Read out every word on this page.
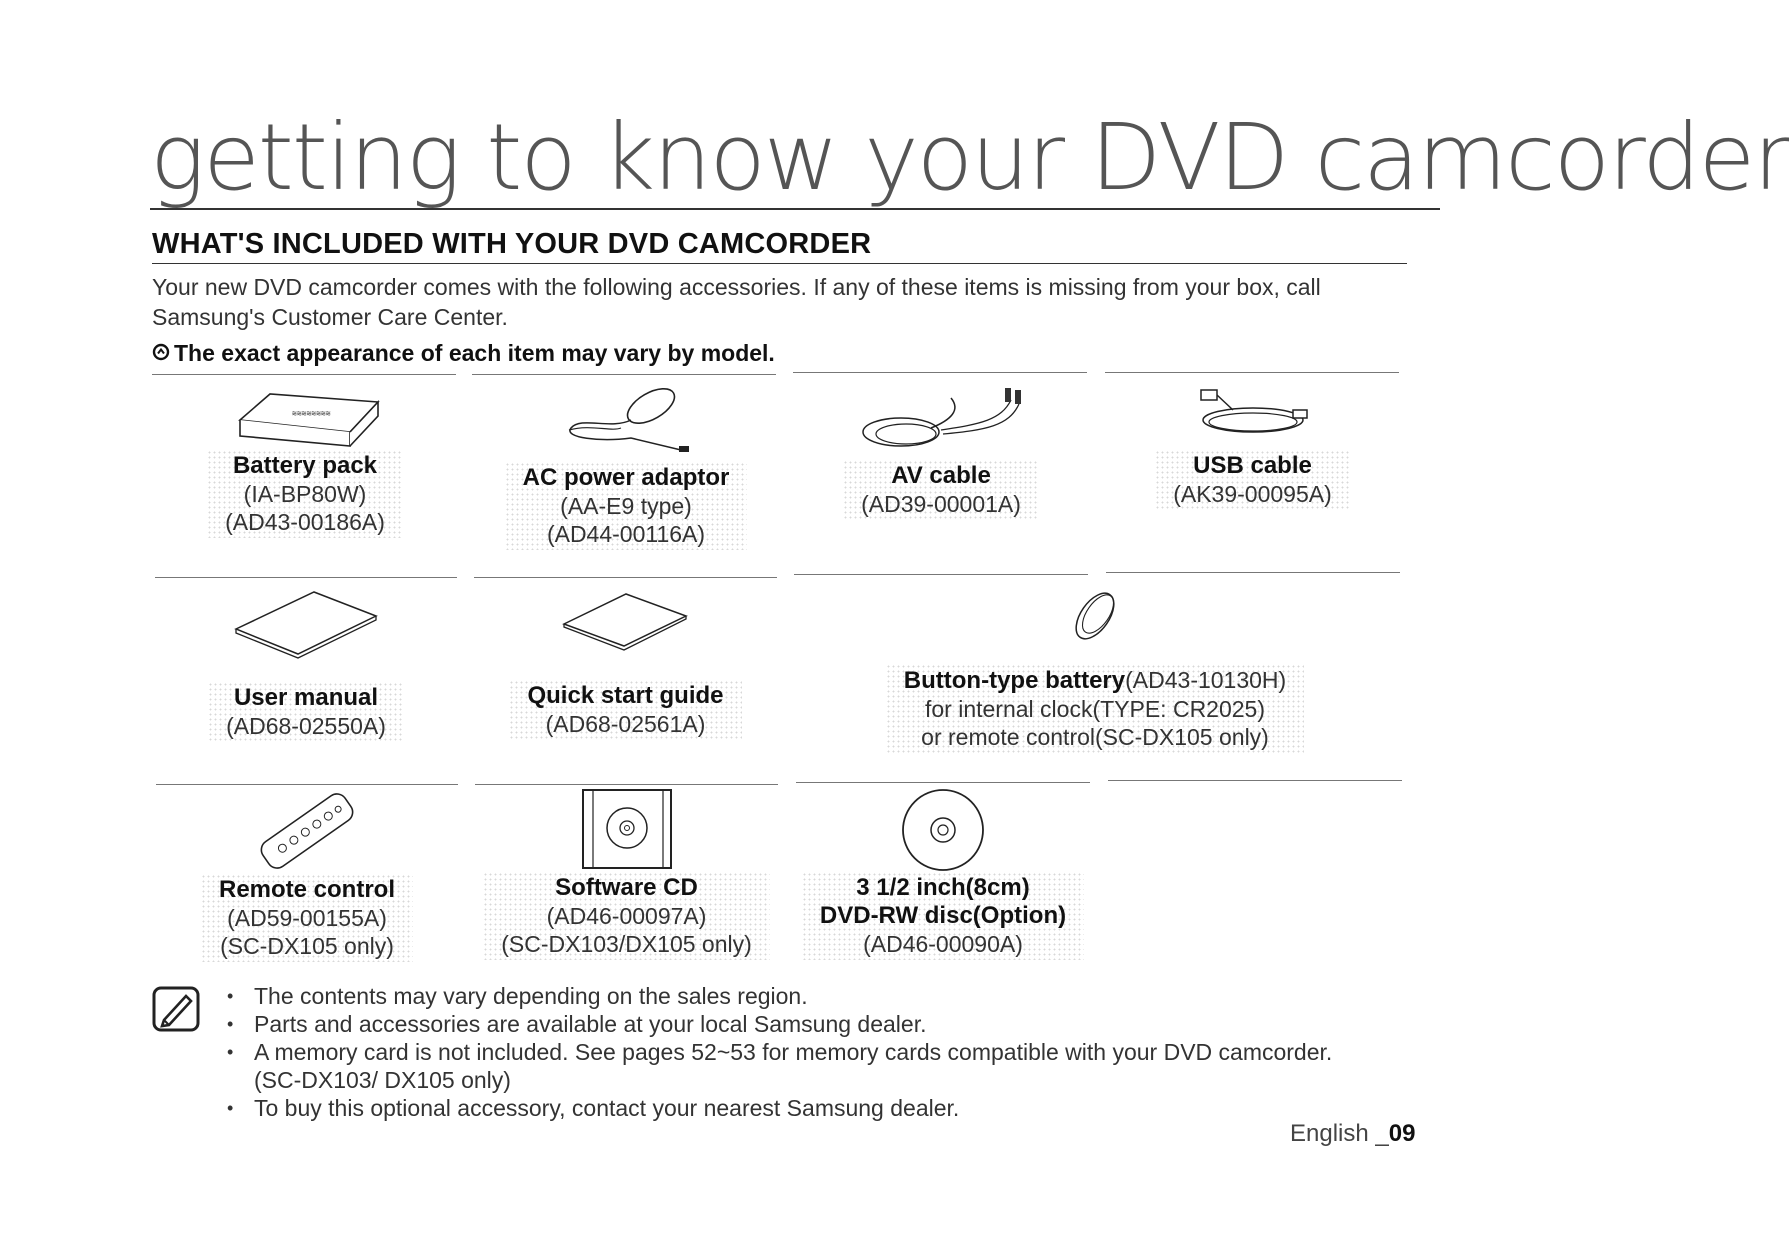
getting to know your DVD camcorder
WHAT'S INCLUDED WITH YOUR DVD CAMCORDER
Your new DVD camcorder comes with the following accessories. If any of these items is missing from your box, call Samsung's Customer Care Center.
The exact appearance of each item may vary by model.
≋≋≋≋≋≋≋≋
Battery pack
(IA-BP80W)
(AD43-00186A)
AC power adaptor
(AA-E9 type)
(AD44-00116A)
AV cable
(AD39-00001A)
USB cable
(AK39-00095A)
User manual
(AD68-02550A)
Quick start guide
(AD68-02561A)
Button-type battery(AD43-10130H)
for internal clock(TYPE: CR2025)
or remote control(SC-DX105 only)
Remote control
(AD59-00155A)
(SC-DX105 only)
Software CD
(AD46-00097A)
(SC-DX103/DX105 only)
3 1/2 inch(8cm)
DVD-RW disc(Option)
(AD46-00090A)
• The contents may vary depending on the sales region.
• Parts and accessories are available at your local Samsung dealer.
• A memory card is not included. See pages 52~53 for memory cards compatible with your DVD camcorder.
(SC-DX103/ DX105 only)
• To buy this optional accessory, contact your nearest Samsung dealer.
English _09
